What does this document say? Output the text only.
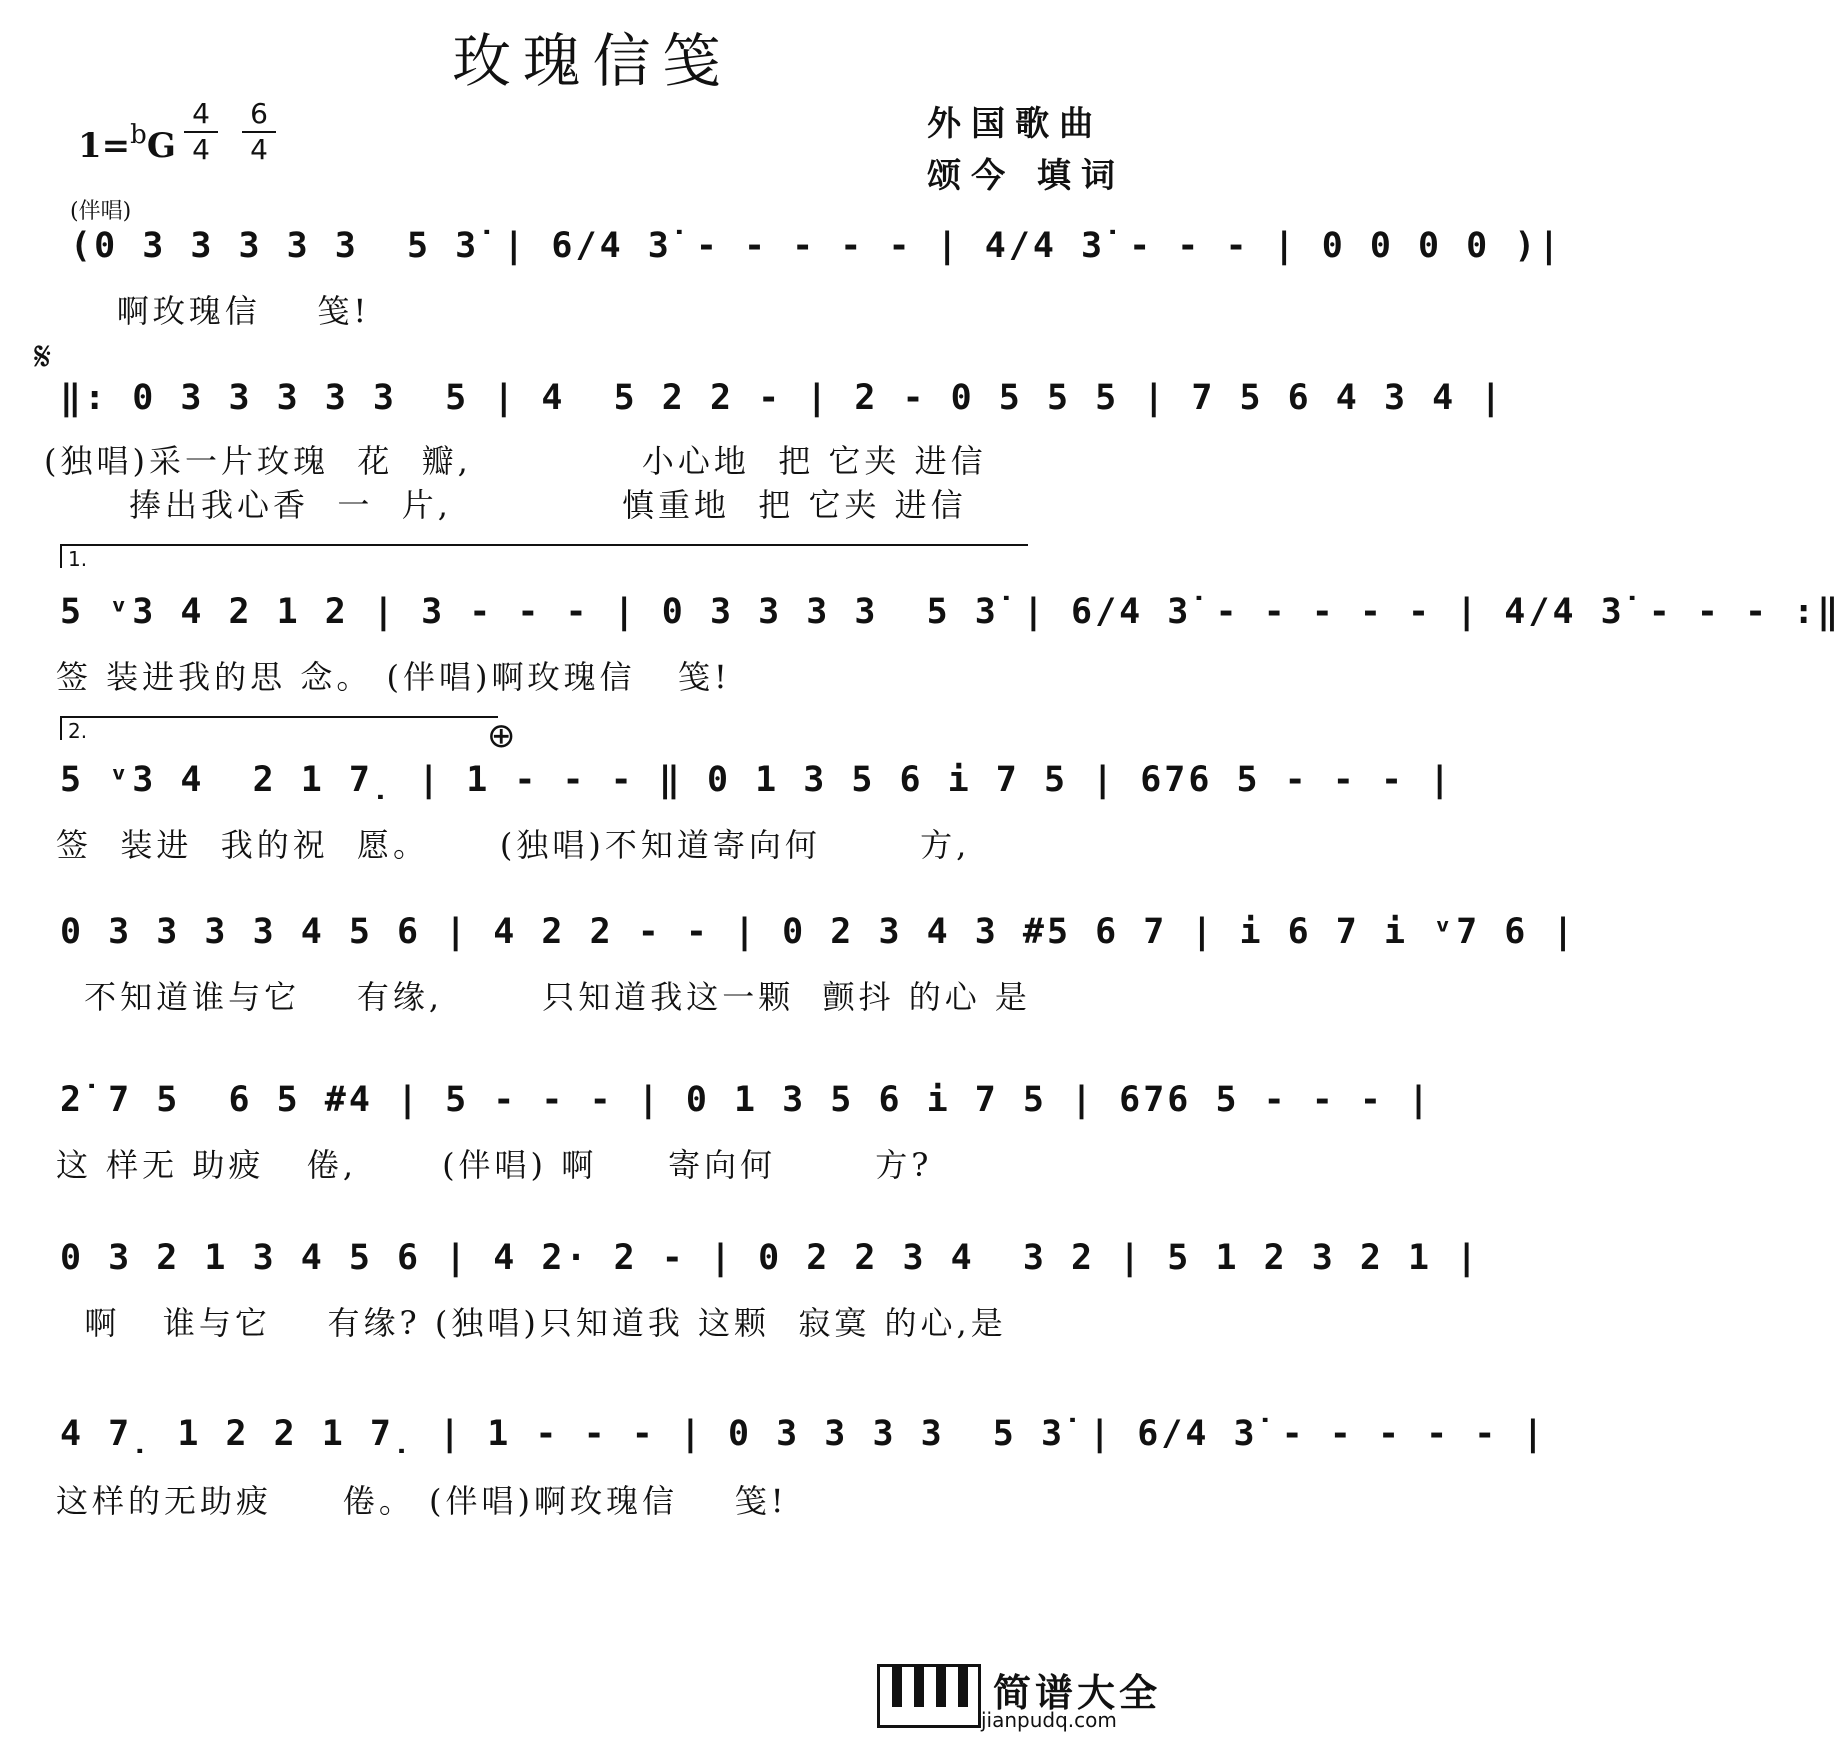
玫瑰信笺
1=$^b$G
4
4
6
4
外国歌曲
颂今 填词
(伴唱)
(0 3 3 3 3 3  5 3̇ | 6/4 3̇ - - - - - | 4/4 3̇ - - - | 0 0 0 0 )|
啊玫瑰信    笺!
𝄋
‖: 0 3 3 3 3 3  5 | 4  5 2 2 - | 2 - 0 5 5 5 | 7 5 6 4 3 4 |
(独唱)采一片玫瑰  花  瓣,            小心地  把 它夹 进信
捧出我心香  一  片,            慎重地  把 它夹 进信
1.
5 ᵛ3 4 2 1 2 | 3 - - - | 0 3 3 3 3  5 3̇ | 6/4 3̇ - - - - - | 4/4 3̇ - - - :‖
签 装进我的思 念。 (伴唱)啊玫瑰信   笺!
2.	⊕
5 ᵛ3 4  2 1 7̣ | 1 - - - ‖ 0 1 3 5 6 i 7 5 | 676 5 - - - |
签  装进  我的祝  愿。     (独唱)不知道寄向何       方,
0 3 3 3 3 4 5 6 | 4 2 2 - - | 0 2 3 4 3 #5 6 7 | i 6 7 i ᵛ7 6 |
不知道谁与它    有缘,       只知道我这一颗  颤抖 的心 是
2̇ 7 5  6 5 #4 | 5 - - - | 0 1 3 5 6 i 7 5 | 676 5 - - - |
这 样无 助疲   倦,      (伴唱) 啊     寄向何       方?
0 3 2 1 3 4 5 6 | 4 2· 2 - | 0 2 2 3 4  3 2 | 5 1 2 3 2 1 |
啊   谁与它    有缘? (独唱)只知道我 这颗  寂寞 的心,是
4 7̣ 1 2 2 1 7̣ | 1 - - - | 0 3 3 3 3  5 3̇ | 6/4 3̇ - - - - - |
这样的无助疲     倦。 (伴唱)啊玫瑰信    笺!
简谱大全
jianpudq.com
